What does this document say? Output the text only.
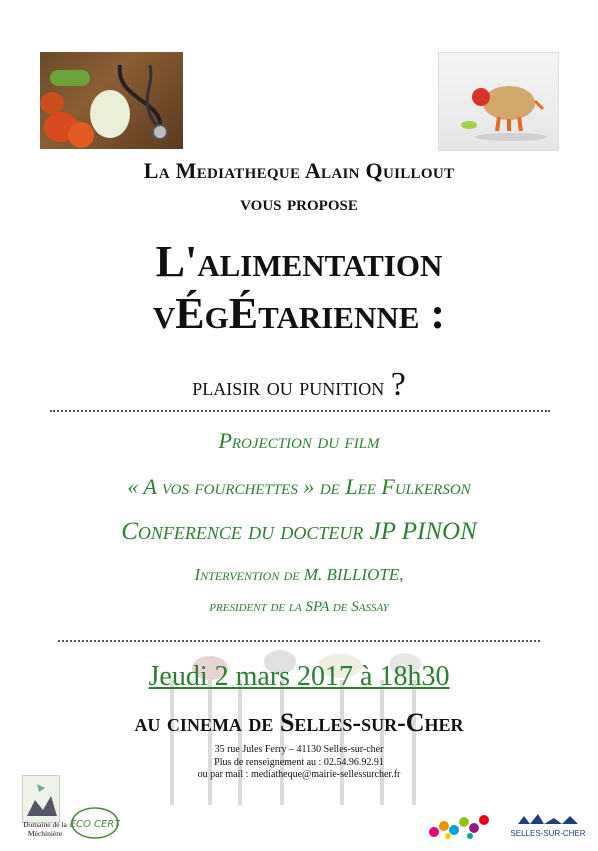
La Mediatheque Alain Quillout
vous propose
L'alimentation
vÉgÉtarienne :
plaisir ou punition ?
Projection du film
« A vos fourchettes » de Lee Fulkerson
Conference du docteur JP PINON
Intervention de M. BILLIOTE,
president de la SPA de Sassay
Jeudi 2 mars 2017 à 18h30
au cinema de Selles-sur-Cher
35 rue Jules Ferry – 41130 Selles-sur-cher
Plus de renseignement au : 02.54.96.92.91
ou par mail : mediatheque@mairie-sellessurcher.fr
Domaine de la Méchinière
ECO CERT
SELLES-SUR-CHER
